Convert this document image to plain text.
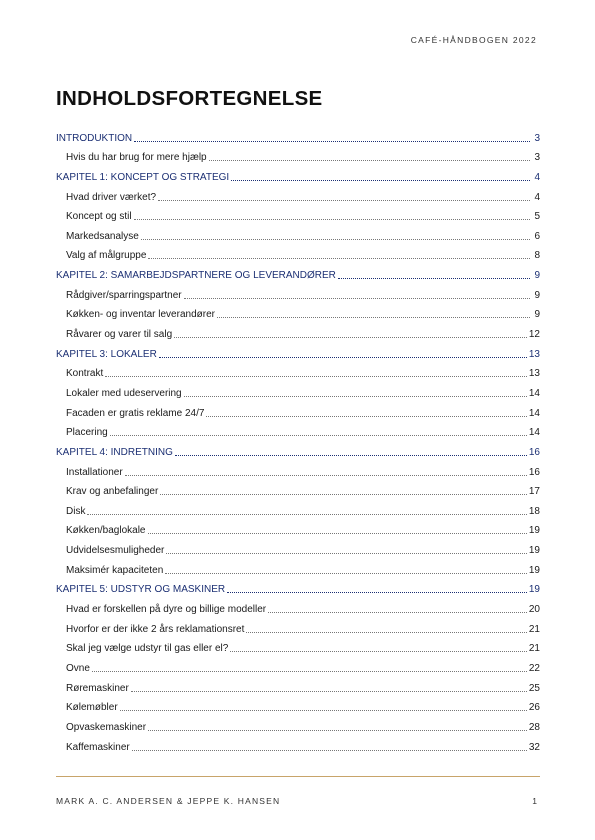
CAFÉ-HÅNDBOGEN 2022
INDHOLDSFORTEGNELSE
INTRODUKTION	3
Hvis du har brug for mere hjælp	3
KAPITEL 1: KONCEPT OG STRATEGI	4
Hvad driver værket?	4
Koncept og stil	5
Markedsanalyse	6
Valg af målgruppe	8
KAPITEL 2: SAMARBEJDSPARTNERE OG LEVERANDØRER	9
Rådgiver/sparringspartner	9
Køkken- og inventar leverandører	9
Råvarer og varer til salg	12
KAPITEL 3: LOKALER	13
Kontrakt	13
Lokaler med udeservering	14
Facaden er gratis reklame 24/7	14
Placering	14
KAPITEL 4: INDRETNING	16
Installationer	16
Krav og anbefalinger	17
Disk	18
Køkken/baglokale	19
Udvidelsesmuligheder	19
Maksimér kapaciteten	19
KAPITEL 5: UDSTYR OG MASKINER	19
Hvad er forskellen på dyre og billige modeller	20
Hvorfor er der ikke 2 års reklamationsret	21
Skal jeg vælge udstyr til gas eller el?	21
Ovne	22
Røremaskiner	25
Kølemøbler	26
Opvaskemaskiner	28
Kaffemaskiner	32
MARK A. C. ANDERSEN & JEPPE K. HANSEN	1
